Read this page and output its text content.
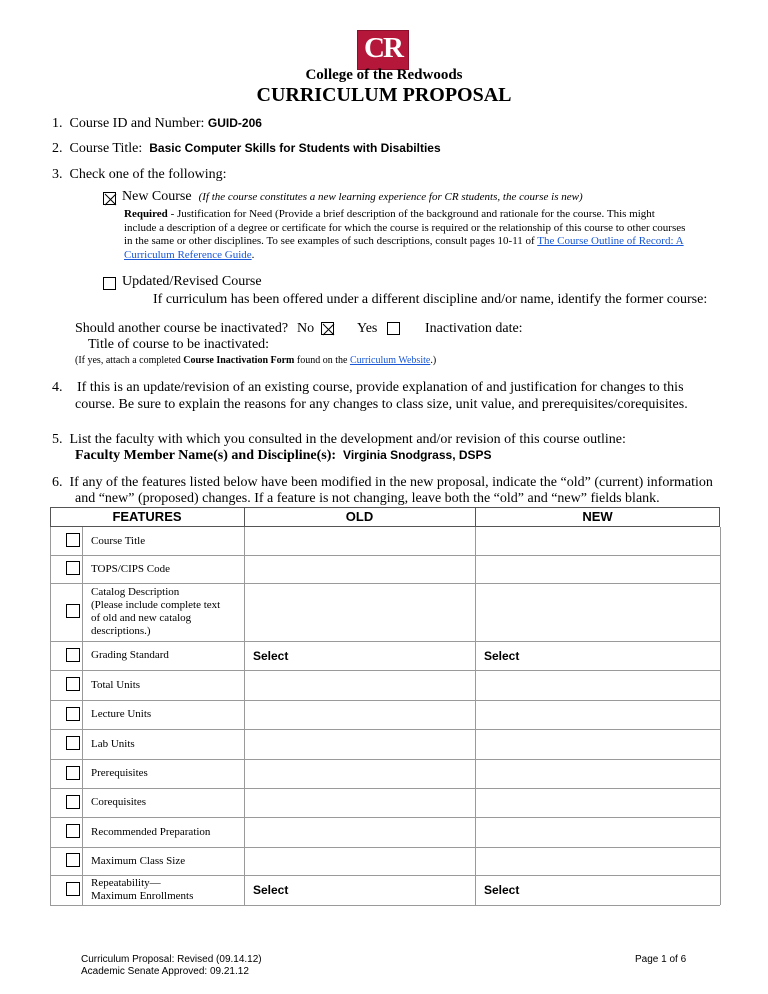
CR
College of the Redwoods
CURRICULUM PROPOSAL
1. Course ID and Number: GUID-206
2. Course Title: Basic Computer Skills for Students with Disabilties
3. Check one of the following:
New Course (If the course constitutes a new learning experience for CR students, the course is new)
Required - Justification for Need (Provide a brief description of the background and rationale for the course. This might
include a description of a degree or certificate for which the course is required or the relationship of this course to other courses
in the same or other disciplines. To see examples of such descriptions, consult pages 10-11 of The Course Outline of Record: A
Curriculum Reference Guide.
Updated/Revised Course
If curriculum has been offered under a different discipline and/or name, identify the former course:
Should another course be inactivated? No	Yes	Inactivation date:
Title of course to be inactivated:
(If yes, attach a completed Course Inactivation Form found on the Curriculum Website.)
4. If this is an update/revision of an existing course, provide explanation of and justification for changes to this
course. Be sure to explain the reasons for any changes to class size, unit value, and prerequisites/corequisites.
5. List the faculty with which you consulted in the development and/or revision of this course outline:
Faculty Member Name(s) and Discipline(s): Virginia Snodgrass, DSPS
6. If any of the features listed below have been modified in the new proposal, indicate the “old” (current) information
and “new” (proposed) changes. If a feature is not changing, leave both the “old” and “new” fields blank.
FEATURES	OLD	NEW
Course Title
TOPS/CIPS Code
Catalog Description
(Please include complete text
of old and new catalog
descriptions.)
Grading Standard	Select	Select
Total Units
Lecture Units
Lab Units
Prerequisites
Corequisites
Recommended Preparation
Maximum Class Size
Repeatability—
Maximum Enrollments	Select	Select
Curriculum Proposal: Revised (09.14.12)
Academic Senate Approved: 09.21.12
Page 1 of 6
